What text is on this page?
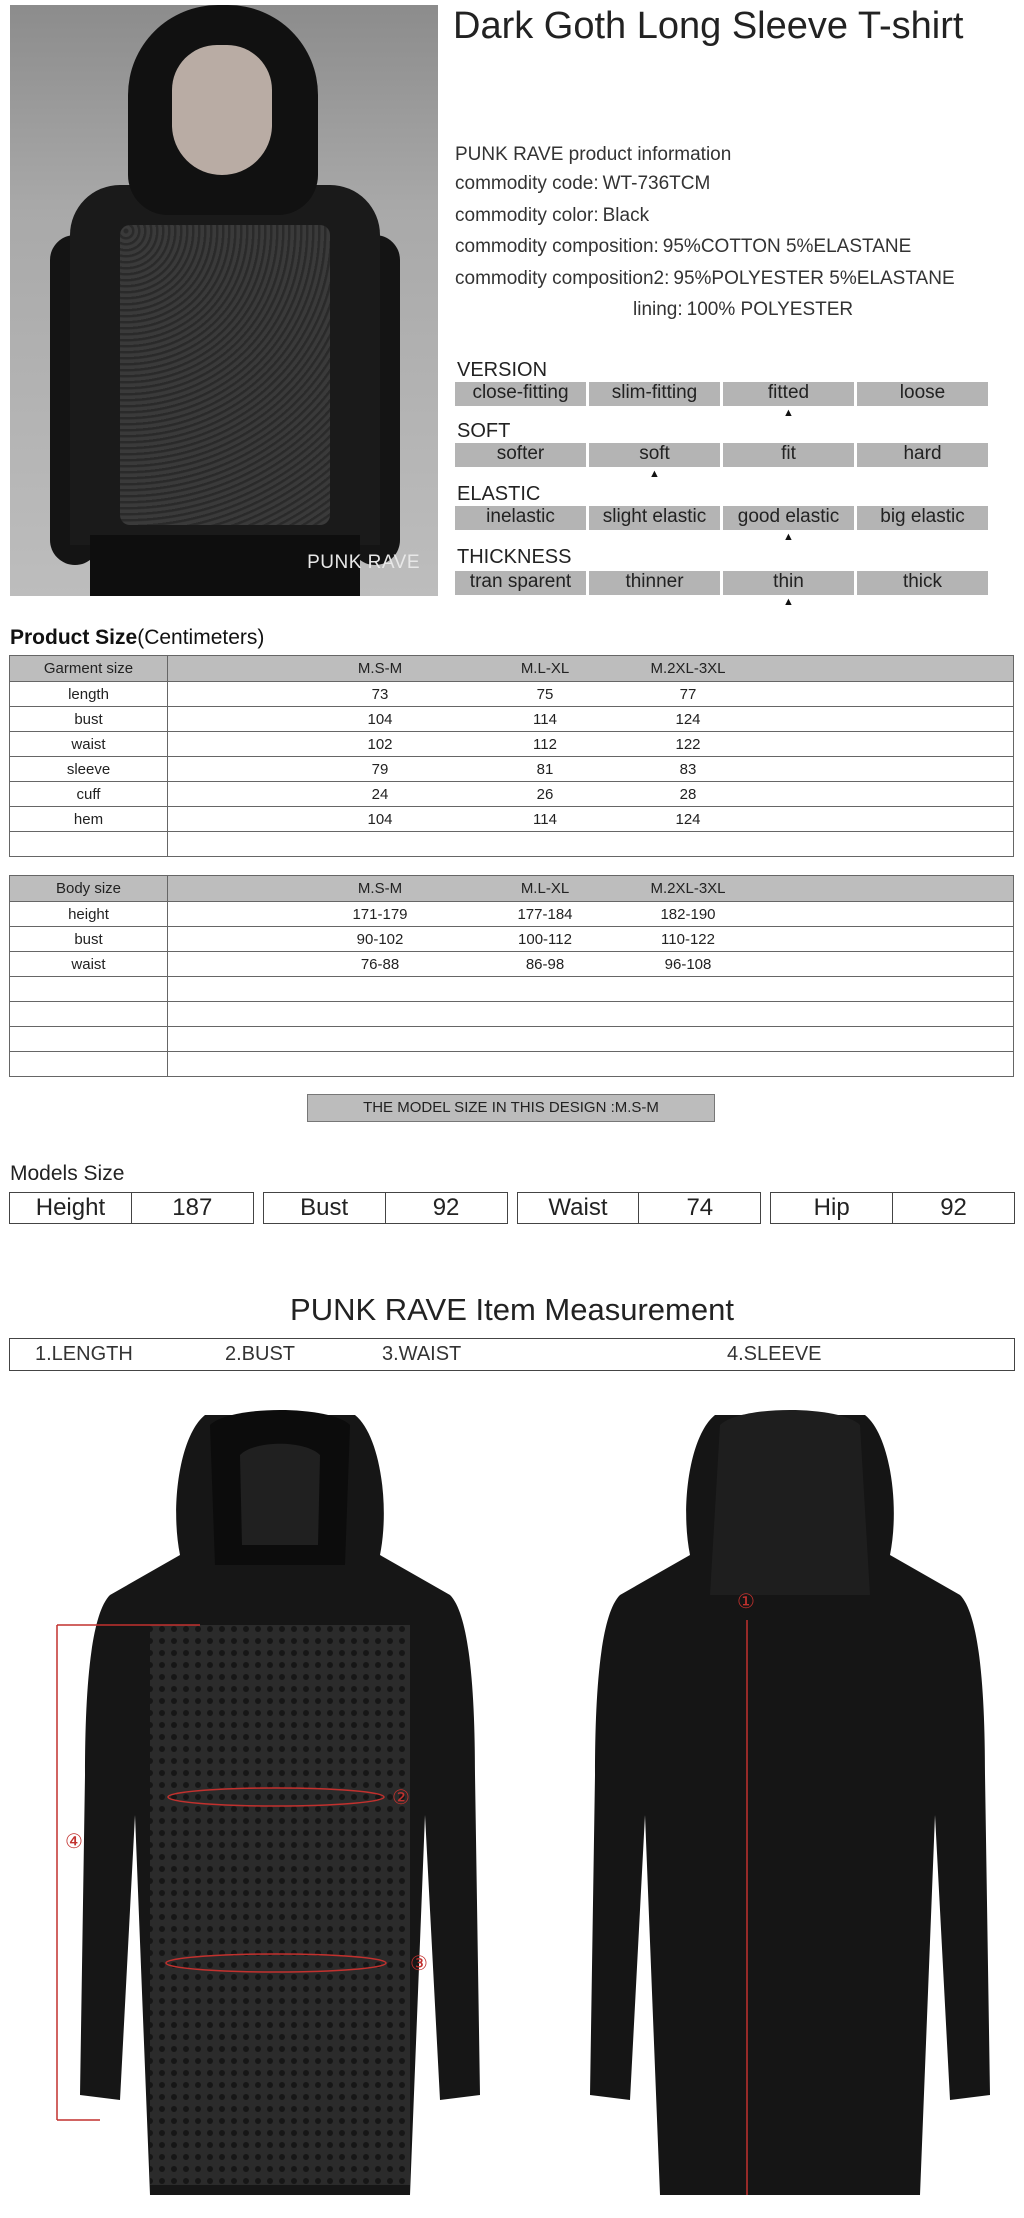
PUNK RAVE
Dark Goth Long Sleeve T-shirt
PUNK RAVE product information
commodity code: WT-736TCM
commodity color: Black
commodity composition: 95%COTTON 5%ELASTANE
commodity composition2: 95%POLYESTER 5%ELASTANE
lining: 100% POLYESTER
VERSION
close-fitting	slim-fitting	fitted
▲
loose
SOFT
softer	soft
▲
fit	hard
ELASTIC
inelastic	slight elastic	good elastic
▲
big elastic
THICKNESS
tran sparent	thinner	thin
▲
thick
Product Size(Centimeters)
Garment size	M.S-M M.L-XL M.2XL-3XL

length	73 75 77

bust	104 114 124

waist	102 112 122

sleeve	79 81 83

cuff	24 26 28

hem	104 114 124

Body size	M.S-M M.L-XL M.2XL-3XL

height	171-179 177-184 182-190

bust	90-102 100-112 110-122

waist	76-88 86-98 96-108

THE MODEL SIZE IN THIS DESIGN :M.S-M
Models Size
Height	187	Bust	92	Waist	74	Hip	92
PUNK RAVE Item Measurement
1.LENGTH	2.BUST	3.WAIST	4.SLEEVE
①
②
③
④
